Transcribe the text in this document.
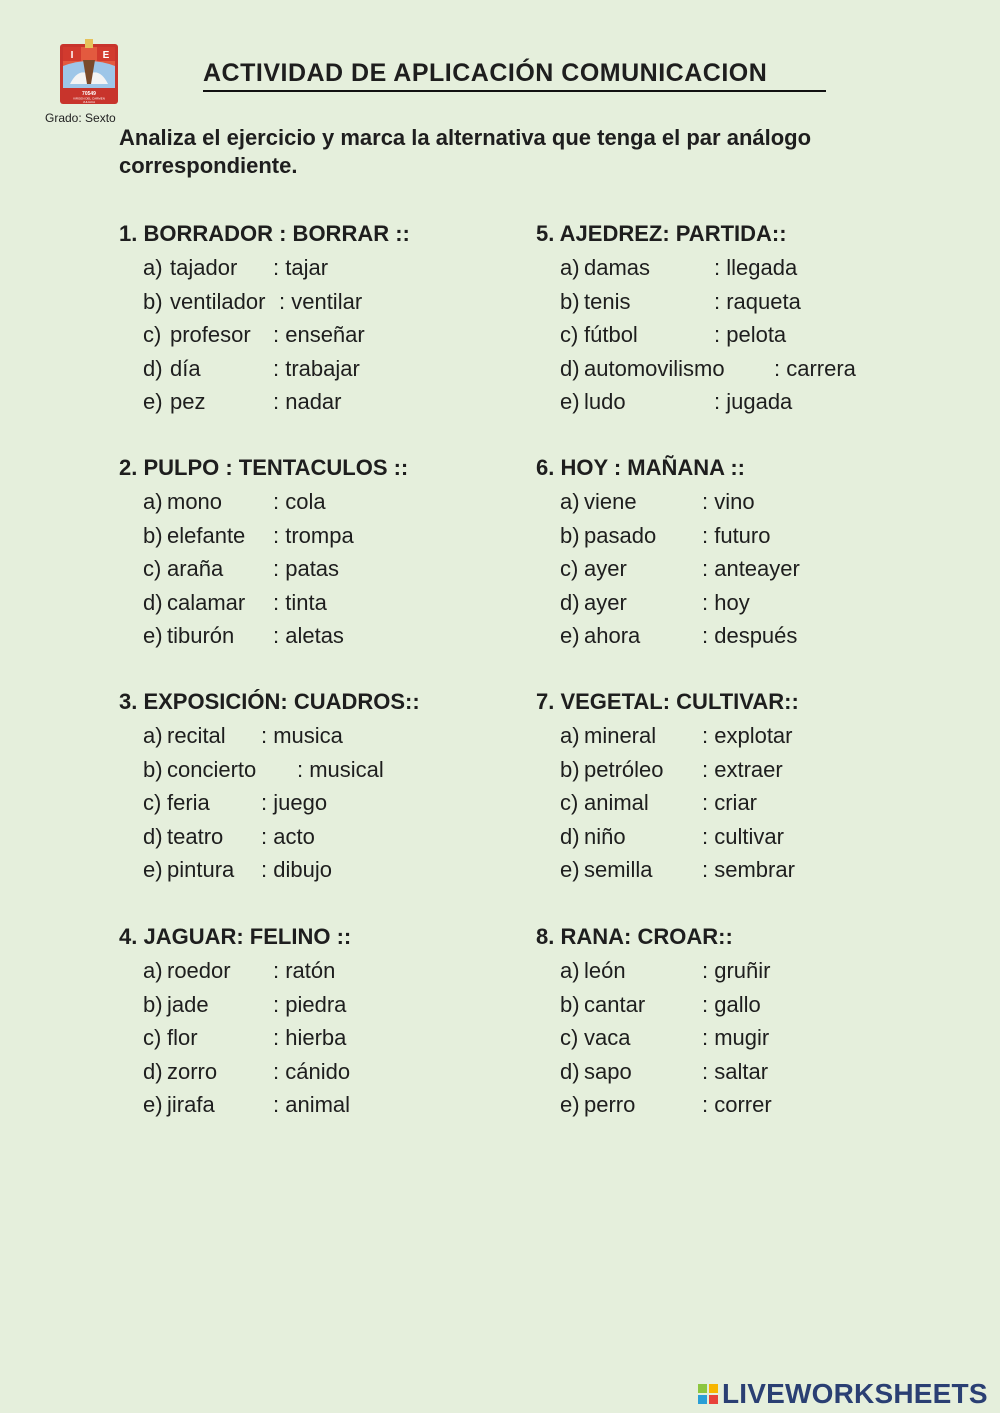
I	E
70549
VIRGEN DEL CARMEN
JULIACA
Grado: Sexto
ACTIVIDAD DE APLICACIÓN COMUNICACION
Analiza el ejercicio y marca la alternativa que tenga el par análogo correspondiente.
1. BORRADOR : BORRAR ::
a) tajador : tajar
b) ventilador : ventilar
c) profesor : enseñar
d) día	: trabajar
e) pez	: nadar
2. PULPO : TENTACULOS ::
a) mono : cola
b) elefante : trompa
c) araña : patas
d) calamar : tinta
e) tiburón : aletas
3. EXPOSICIÓN: CUADROS::
a) recital : musica
b) concierto : musical
c) feria : juego
d) teatro : acto
e) pintura : dibujo
4. JAGUAR: FELINO ::
a) roedor : ratón
b) jade	: piedra
c) flor	: hierba
d) zorro	: cánido
e) jirafa	: animal
5. AJEDREZ: PARTIDA::
a) damas	: llegada
b) tenis	: raqueta
c) fútbol	: pelota
d) automovilismo : carrera
e) ludo	: jugada
6. HOY : MAÑANA ::
a) viene	: vino
b) pasado : futuro
c) ayer	: anteayer
d) ayer	: hoy
e) ahora	: después
7. VEGETAL: CULTIVAR::
a) mineral : explotar
b) petróleo : extraer
c) animal : criar
d) niño	: cultivar
e) semilla : sembrar
8. RANA: CROAR::
a) león	: gruñir
b) cantar	: gallo
c) vaca	: mugir
d) sapo	: saltar
e) perro	: correr
LIVEWORKSHEETS
